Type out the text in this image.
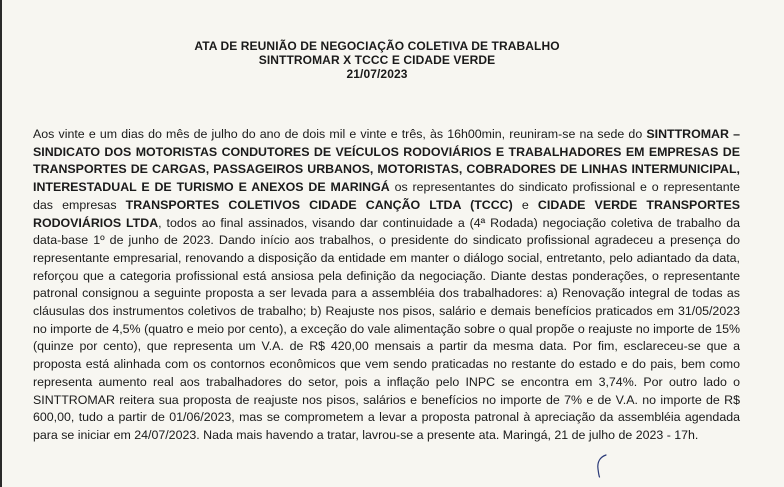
ATA DE REUNIÃO DE NEGOCIAÇÃO COLETIVA DE TRABALHO
SINTTROMAR X TCCC E CIDADE VERDE
21/07/2023
Aos vinte e um dias do mês de julho do ano de dois mil e vinte e três, às 16h00min, reuniram-se na sede do SINTTROMAR – SINDICATO DOS MOTORISTAS CONDUTORES DE VEÍCULOS RODOVIÁRIOS E TRABALHADORES EM EMPRESAS DE TRANSPORTES DE CARGAS, PASSAGEIROS URBANOS, MOTORISTAS, COBRADORES DE LINHAS INTERMUNICIPAL, INTERESTADUAL E DE TURISMO E ANEXOS DE MARINGÁ os representantes do sindicato profissional e o representante das empresas TRANSPORTES COLETIVOS CIDADE CANÇÃO LTDA (TCCC) e CIDADE VERDE TRANSPORTES RODOVIÁRIOS LTDA, todos ao final assinados, visando dar continuidade a (4ª Rodada) negociação coletiva de trabalho da data-base 1º de junho de 2023. Dando início aos trabalhos, o presidente do sindicato profissional agradeceu a presença do representante empresarial, renovando a disposição da entidade em manter o diálogo social, entretanto, pelo adiantado da data, reforçou que a categoria profissional está ansiosa pela definição da negociação. Diante destas ponderações, o representante patronal consignou a seguinte proposta a ser levada para a assembléia dos trabalhadores: a) Renovação integral de todas as cláusulas dos instrumentos coletivos de trabalho; b) Reajuste nos pisos, salário e demais benefícios praticados em 31/05/2023 no importe de 4,5% (quatro e meio por cento), a exceção do vale alimentação sobre o qual propõe o reajuste no importe de 15% (quinze por cento), que representa um V.A. de R$ 420,00 mensais a partir da mesma data. Por fim, esclareceu-se que a proposta está alinhada com os contornos econômicos que vem sendo praticadas no restante do estado e do pais, bem como representa aumento real aos trabalhadores do setor, pois a inflação pelo INPC se encontra em 3,74%. Por outro lado o SINTTROMAR reitera sua proposta de reajuste nos pisos, salários e benefícios no importe de 7% e de V.A. no importe de R$ 600,00, tudo a partir de 01/06/2023, mas se comprometem a levar a proposta patronal à apreciação da assembléia agendada para se iniciar em 24/07/2023. Nada mais havendo a tratar, lavrou-se a presente ata. Maringá, 21 de julho de 2023 - 17h.
